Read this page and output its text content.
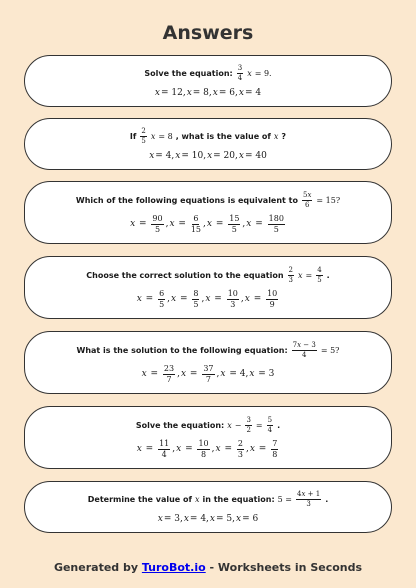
Answers
Solve the equation: $\frac{3}{4}$ x = 9.
x = 12, x = 8, x = 6, x = 4
If $\frac{2}{5}$ x = 8 , what is the value of x ?
x = 4, x = 10, x = 20, x = 40
Which of the following equations is equivalent to $\frac{5x}{6} = 15$?
$x = \frac{90}{5}$ , $x = \frac{6}{15}$ , $x = \frac{15}{5}$ , $x = \frac{180}{5}$
Choose the correct solution to the equation $\frac{2}{3}$ $x = \frac{4}{5}$ .
$x = \frac{6}{5}$ , $x = \frac{8}{5}$ , $x = \frac{10}{3}$ , $x = \frac{10}{9}$
What is the solution to the following equation: $\frac{7x - 3}{4} = 5$?
$x = \frac{23}{7}$ , $x = \frac{37}{7}$ , x = 4, x = 3
Solve the equation: $x - \frac{3}{2} = \frac{5}{4}$ .
$x = \frac{11}{4}$ , $x = \frac{10}{8}$ , $x = \frac{2}{3}$ , $x = \frac{7}{8}$
Determine the value of x in the equation: $5 = \frac{4x + 1}{3}$ .
x = 3, x = 4, x = 5, x = 6
Generated by TuroBot.io - Worksheets in Seconds
